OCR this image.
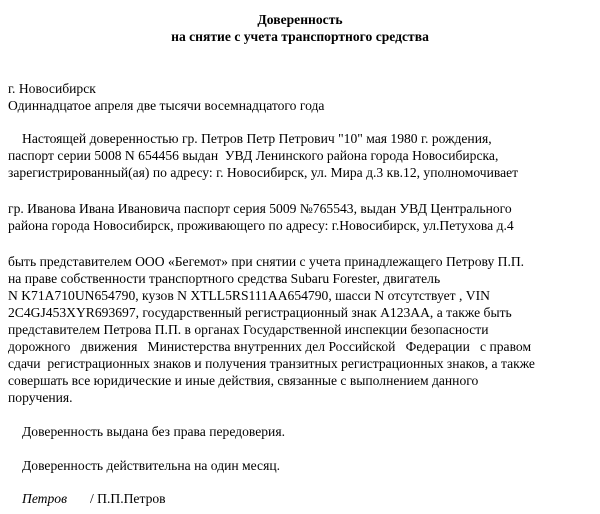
Доверенность
на снятие с учета транспортного средства
г. Новосибирск
Одиннадцатое апреля две тысячи восемнадцатого года
Настоящей доверенностью гр. Петров Петр Петрович "10" мая 1980 г. рождения,
паспорт серии 5008 N 654456 выдан  УВД Ленинского района города Новосибирска,
зарегистрированный(ая) по адресу: г. Новосибирск, ул. Мира д.3 кв.12, уполномочивает
гр. Иванова Ивана Ивановича паспорт серия 5009 №765543, выдан УВД Центрального
района города Новосибирск, проживающего по адресу: г.Новосибирск, ул.Петухова д.4
быть представителем ООО «Бегемот» при снятии с учета принадлежащего Петрову П.П.
на праве собственности транспортного средства Subaru Forester, двигатель
N K71A710UN654790, кузов N XTLL5RS111AA654790, шасси N отсутствует , VIN
2C4GJ453XYR693697, государственный регистрационный знак А123АА, а также быть
представителем Петрова П.П. в органах Государственной инспекции безопасности
дорожного   движения   Министерства внутренних дел Российской   Федерации   с правом
сдачи  регистрационных знаков и получения транзитных регистрационных знаков, а также
совершать все юридические и иные действия, связанные с выполнением данного
поручения.
Доверенность выдана без права передоверия.
Доверенность действительна на один месяц.
Петров / П.П.Петров
